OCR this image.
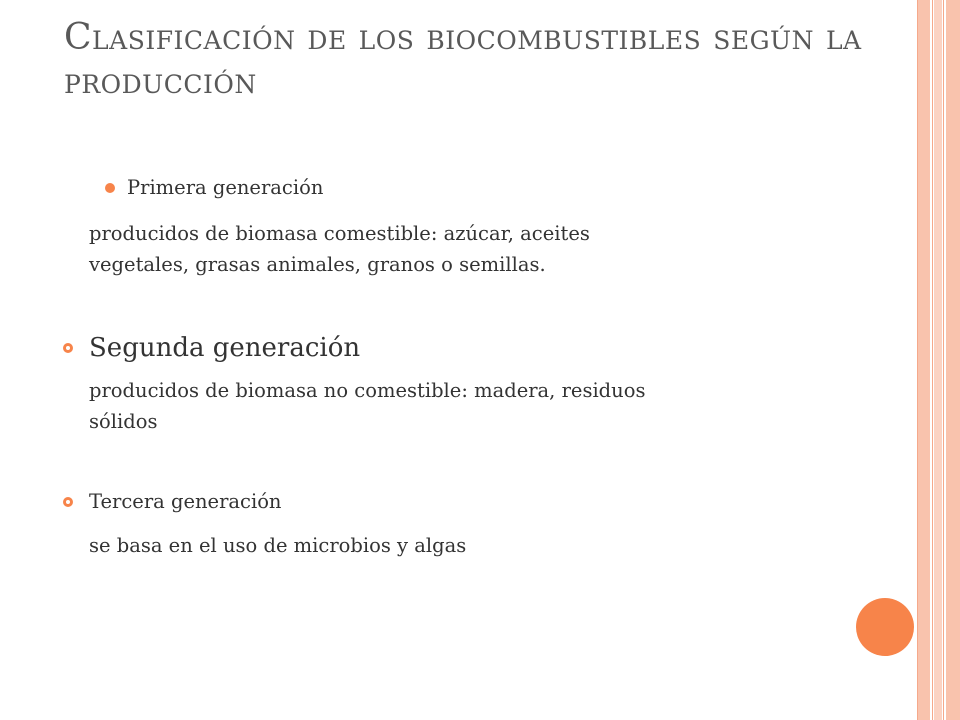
Clasificación de los biocombustibles según la producción
Primera generación
producidos de biomasa comestible: azúcar, aceites
vegetales, grasas animales, granos o semillas.
Segunda generación
producidos de biomasa no comestible: madera, residuos
sólidos
Tercera generación
se basa en el uso de microbios y algas
